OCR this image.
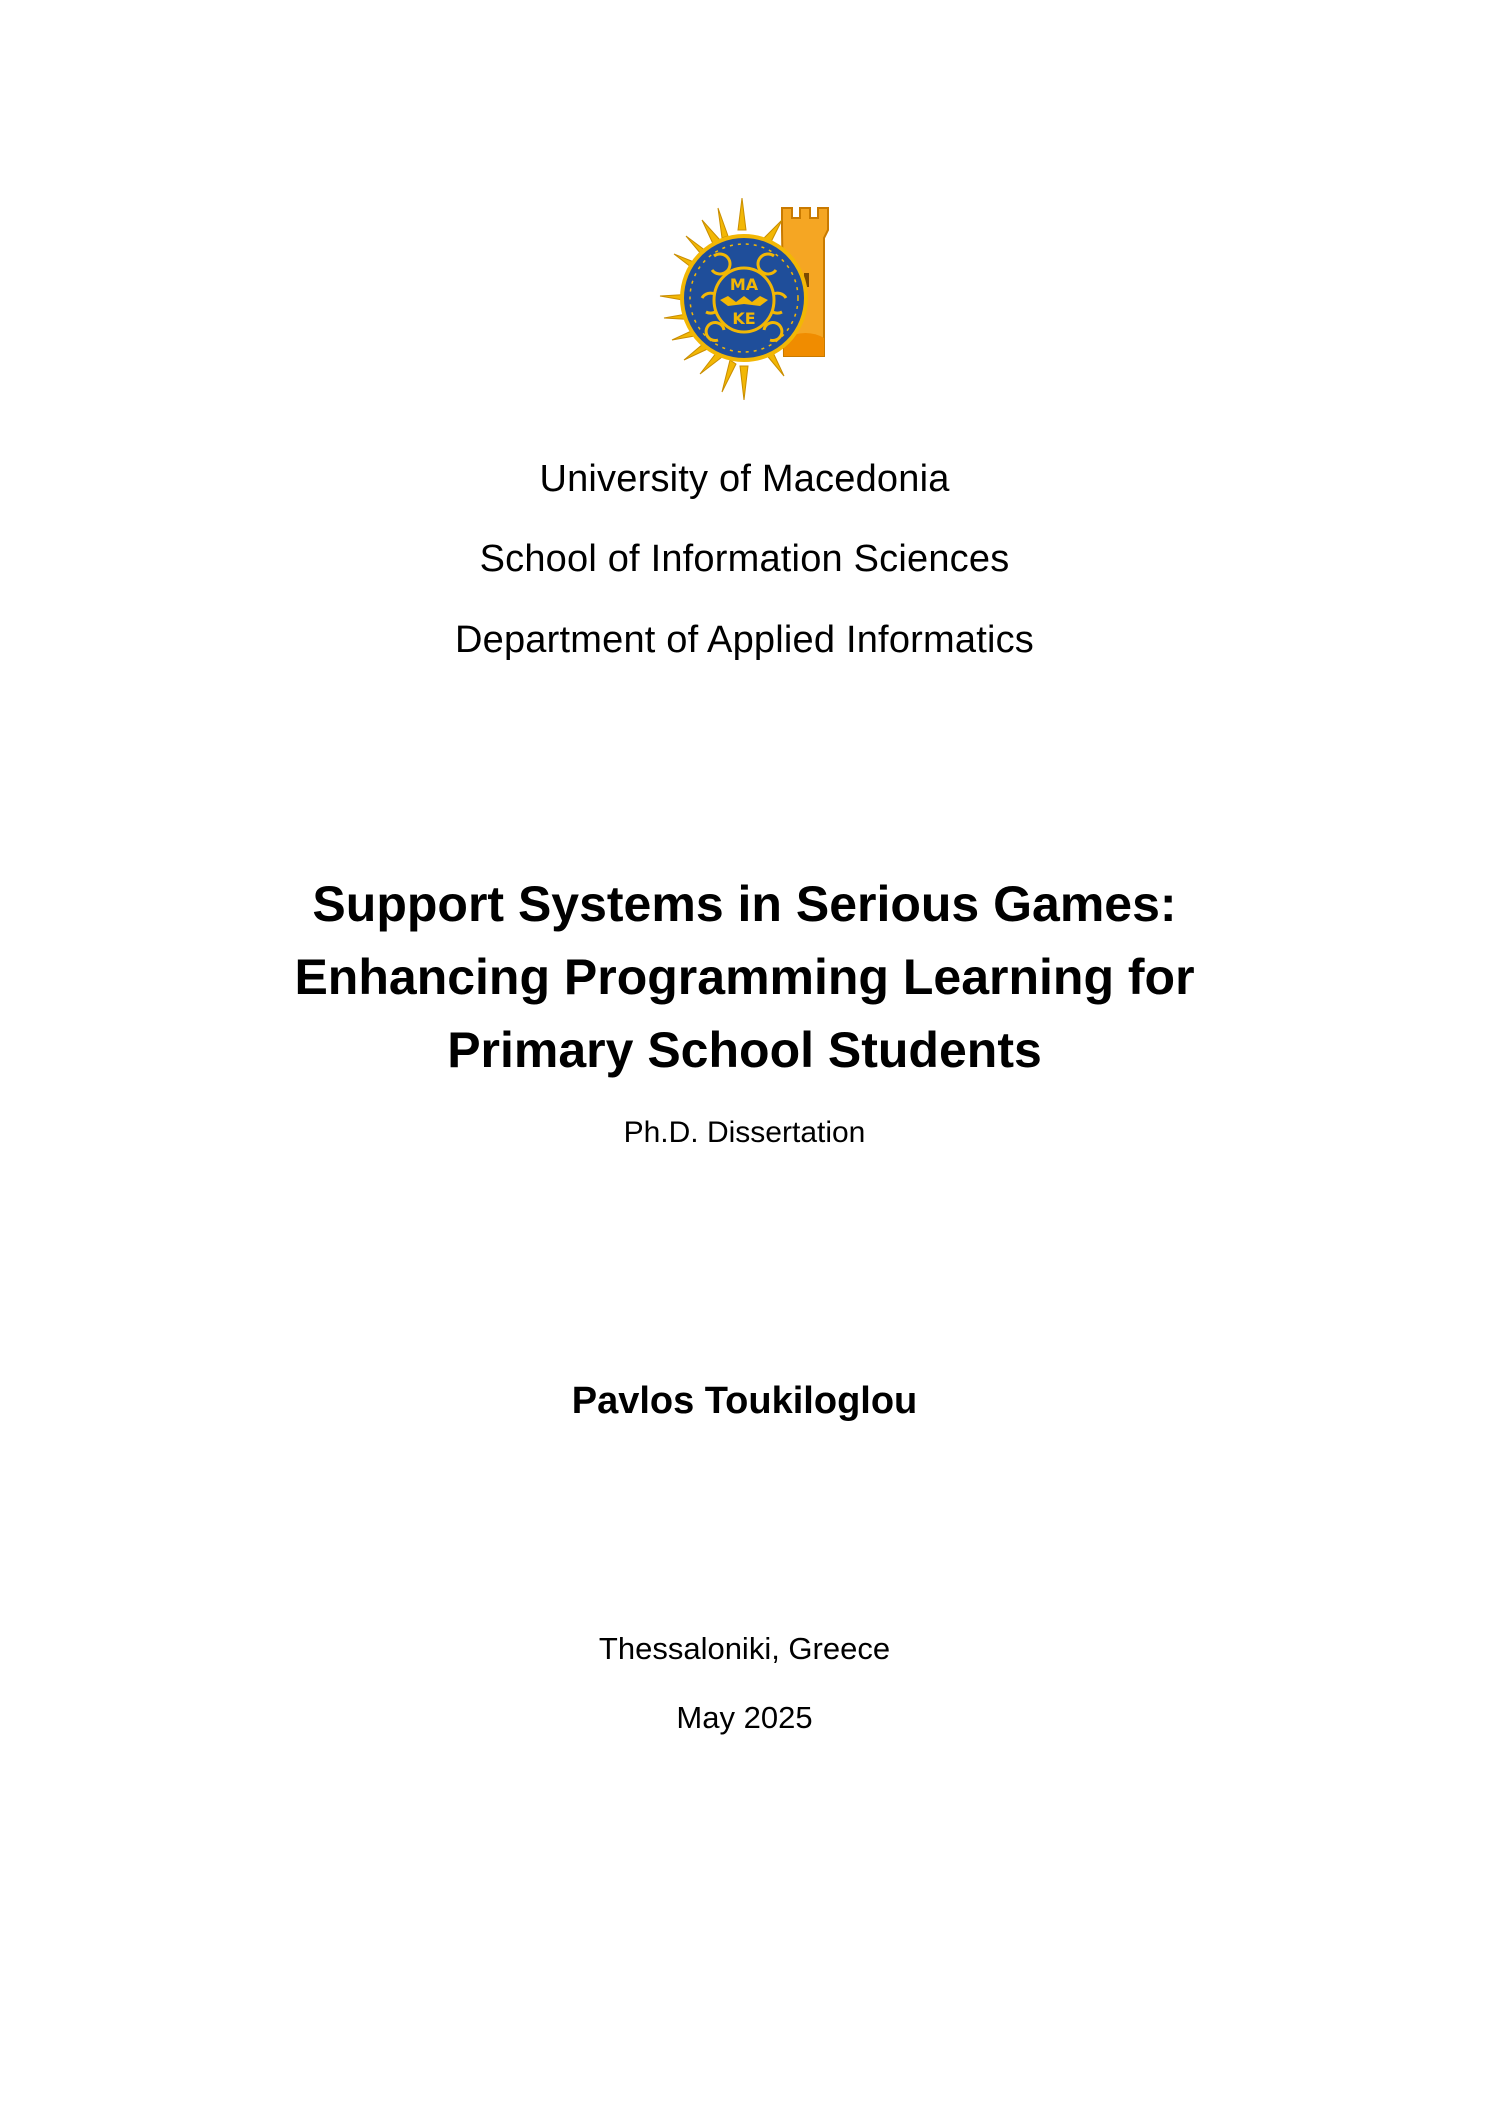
ΜΑ
ΚΕ
University of Macedonia
School of Information Sciences
Department of Applied Informatics
Support Systems in Serious Games:
Enhancing Programming Learning for
Primary School Students
Ph.D. Dissertation
Pavlos Toukiloglou
Thessaloniki, Greece
May 2025
